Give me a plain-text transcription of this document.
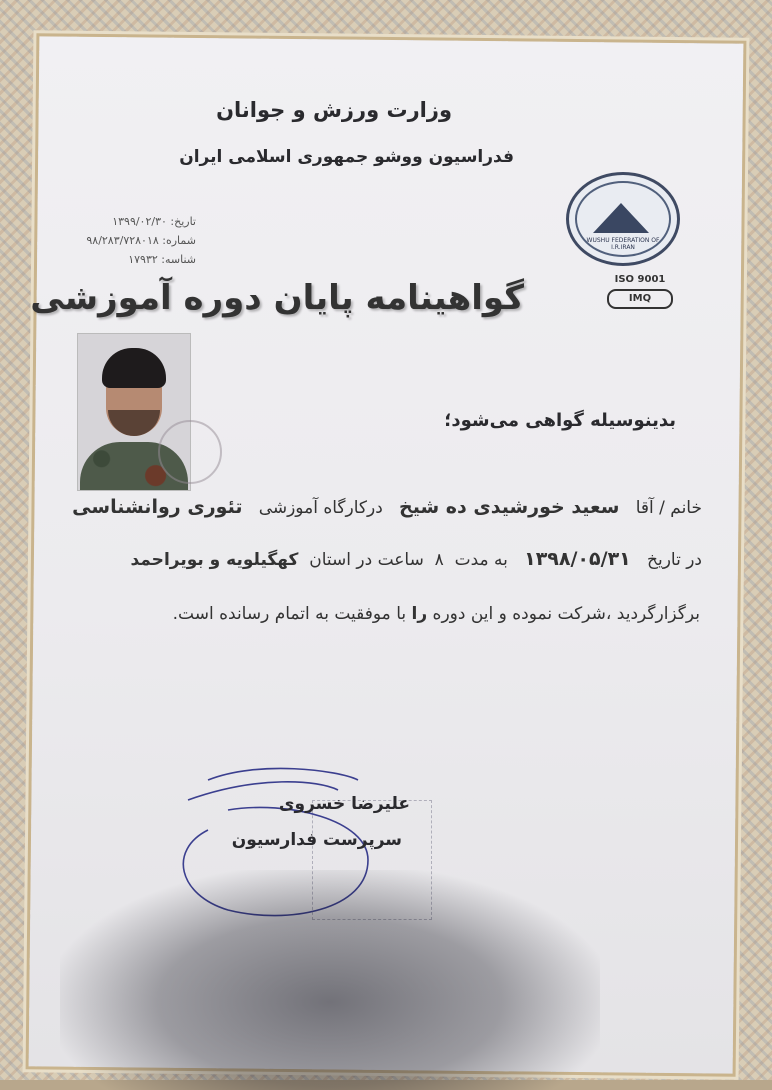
وزارت ورزش و جوانان
فدراسیون ووشو جمهوری اسلامی ایران
تاریخ: ۱۳۹۹/۰۲/۳۰
شماره: ۹۸/۲۸۳/۷۲۸۰۱۸
شناسه: ۱۷۹۳۲
WUSHU FEDERATION OF I.R.IRAN
ISO 9001
IMQ
گواهینامه پایان دوره آموزشی
بدینوسیله گواهی می‌شود؛
خانم / آقا   سعید خورشیدی ده شیخ   درکارگاه آموزشی   تئوری روانشناسی
در تاریخ   ۱۳۹۸/۰۵/۳۱   به مدت  ۸  ساعت در استان  کهگیلویه و بویراحمد
برگزارگردید ،شرکت نموده و این دوره را با موفقیت به اتمام رسانده است.
علیرضا خسروی
سرپرست فدارسیون
